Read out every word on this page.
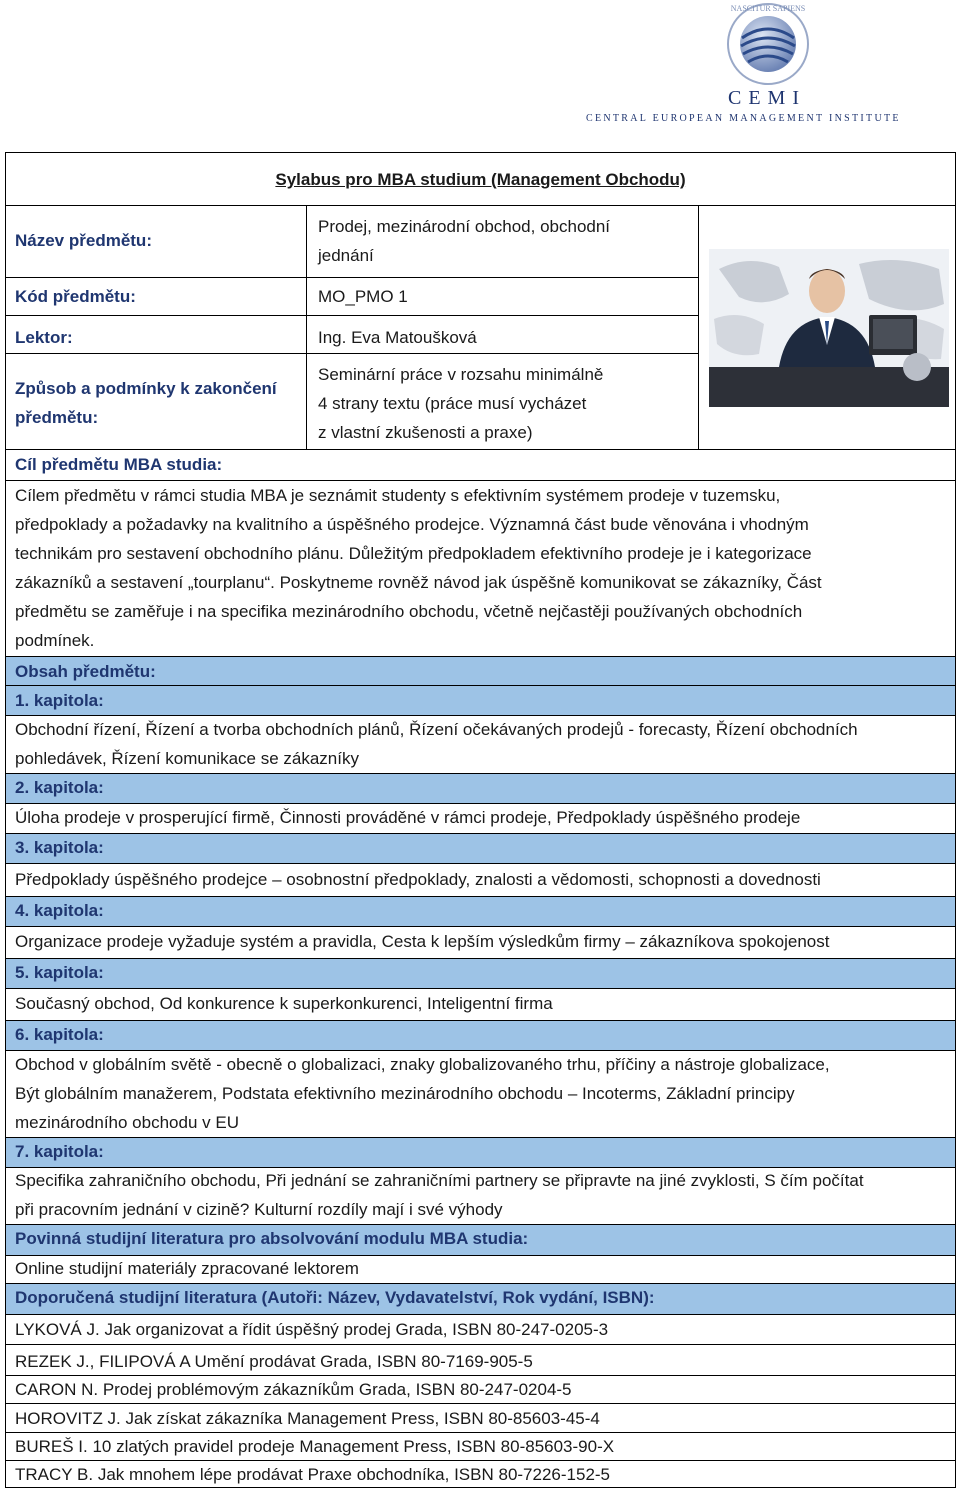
NASCITUR SAPIENS
CEMI
CENTRAL EUROPEAN MANAGEMENT INSTITUTE
Sylabus pro MBA studium (Management Obchodu)
Název předmětu:
Prodej, mezinárodní obchod, obchodní
jednání
Kód předmětu:	MO_PMO 1
Lektor:	Ing. Eva Matoušková
Způsob a podmínky k zakončení
předmětu:
Seminární práce v rozsahu minimálně
4 strany textu (práce musí vycházet
z vlastní zkušenosti a praxe)
Cíl předmětu MBA studia:
Cílem předmětu v rámci studia MBA je seznámit studenty s efektivním systémem prodeje v tuzemsku,
předpoklady a požadavky na kvalitního a úspěšného prodejce. Významná část bude věnována i vhodným
technikám pro sestavení obchodního plánu. Důležitým předpokladem efektivního prodeje je i kategorizace
zákazníků a sestavení „tourplanu“. Poskytneme rovněž návod jak úspěšně komunikovat se zákazníky, Část
předmětu se zaměřuje i na specifika mezinárodního obchodu, včetně nejčastěji používaných obchodních
podmínek.
Obsah předmětu:
1. kapitola:
Obchodní řízení, Řízení a tvorba obchodních plánů, Řízení očekávaných prodejů - forecasty, Řízení obchodních
pohledávek, Řízení komunikace se zákazníky
2. kapitola:
Úloha prodeje v prosperující firmě, Činnosti prováděné v rámci prodeje, Předpoklady úspěšného prodeje
3. kapitola:
Předpoklady úspěšného prodejce – osobnostní předpoklady, znalosti a vědomosti, schopnosti a dovednosti
4. kapitola:
Organizace prodeje vyžaduje systém a pravidla, Cesta k lepším výsledkům firmy – zákazníkova spokojenost
5. kapitola:
Současný obchod, Od konkurence k superkonkurenci, Inteligentní firma
6. kapitola:
Obchod v globálním světě - obecně o globalizaci, znaky globalizovaného trhu, příčiny a nástroje globalizace,
Být globálním manažerem, Podstata efektivního mezinárodního obchodu – Incoterms, Základní principy
mezinárodního obchodu v EU
7. kapitola:
Specifika zahraničního obchodu, Při jednání se zahraničními partnery se připravte na jiné zvyklosti, S čím počítat
při pracovním jednání v cizině? Kulturní rozdíly mají i své výhody
Povinná studijní literatura pro absolvování modulu MBA studia:
Online studijní materiály zpracované lektorem
Doporučená studijní literatura (Autoři: Název, Vydavatelství, Rok vydání, ISBN):
LYKOVÁ J. Jak organizovat a řídit úspěšný prodej Grada, ISBN 80-247-0205-3
REZEK J., FILIPOVÁ A Umění prodávat Grada, ISBN 80-7169-905-5
CARON N. Prodej problémovým zákazníkům Grada, ISBN 80-247-0204-5
HOROVITZ J. Jak získat zákazníka Management Press, ISBN 80-85603-45-4
BUREŠ I. 10 zlatých pravidel prodeje Management Press, ISBN 80-85603-90-X
TRACY B. Jak mnohem lépe prodávat Praxe obchodníka, ISBN 80-7226-152-5
